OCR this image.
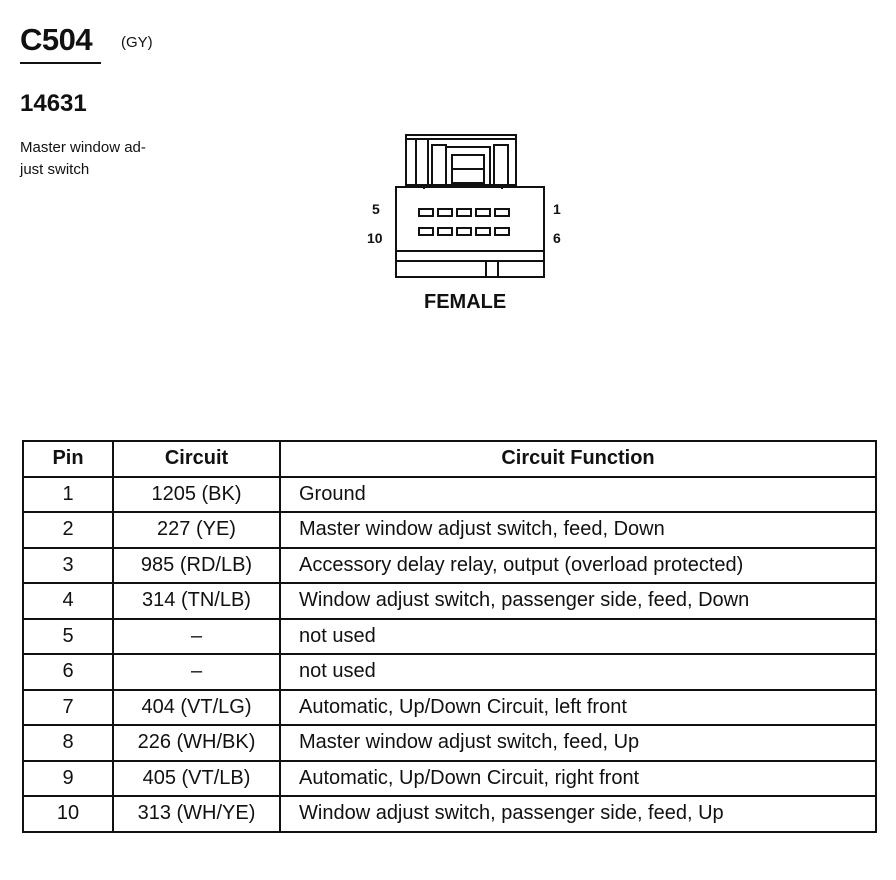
C504 (GY)
14631
Master window ad-
just switch
5
10
1
6
FEMALE
Pin	Circuit	Circuit Function
1	1205 (BK)	Ground
2	227 (YE)	Master window adjust switch, feed, Down
3	985 (RD/LB)	Accessory delay relay, output (overload protected)
4	314 (TN/LB)	Window adjust switch, passenger side, feed, Down
5	–	not used
6	–	not used
7	404 (VT/LG)	Automatic, Up/Down Circuit, left front
8	226 (WH/BK)	Master window adjust switch, feed, Up
9	405 (VT/LB)	Automatic, Up/Down Circuit, right front
10	313 (WH/YE)	Window adjust switch, passenger side, feed, Up
